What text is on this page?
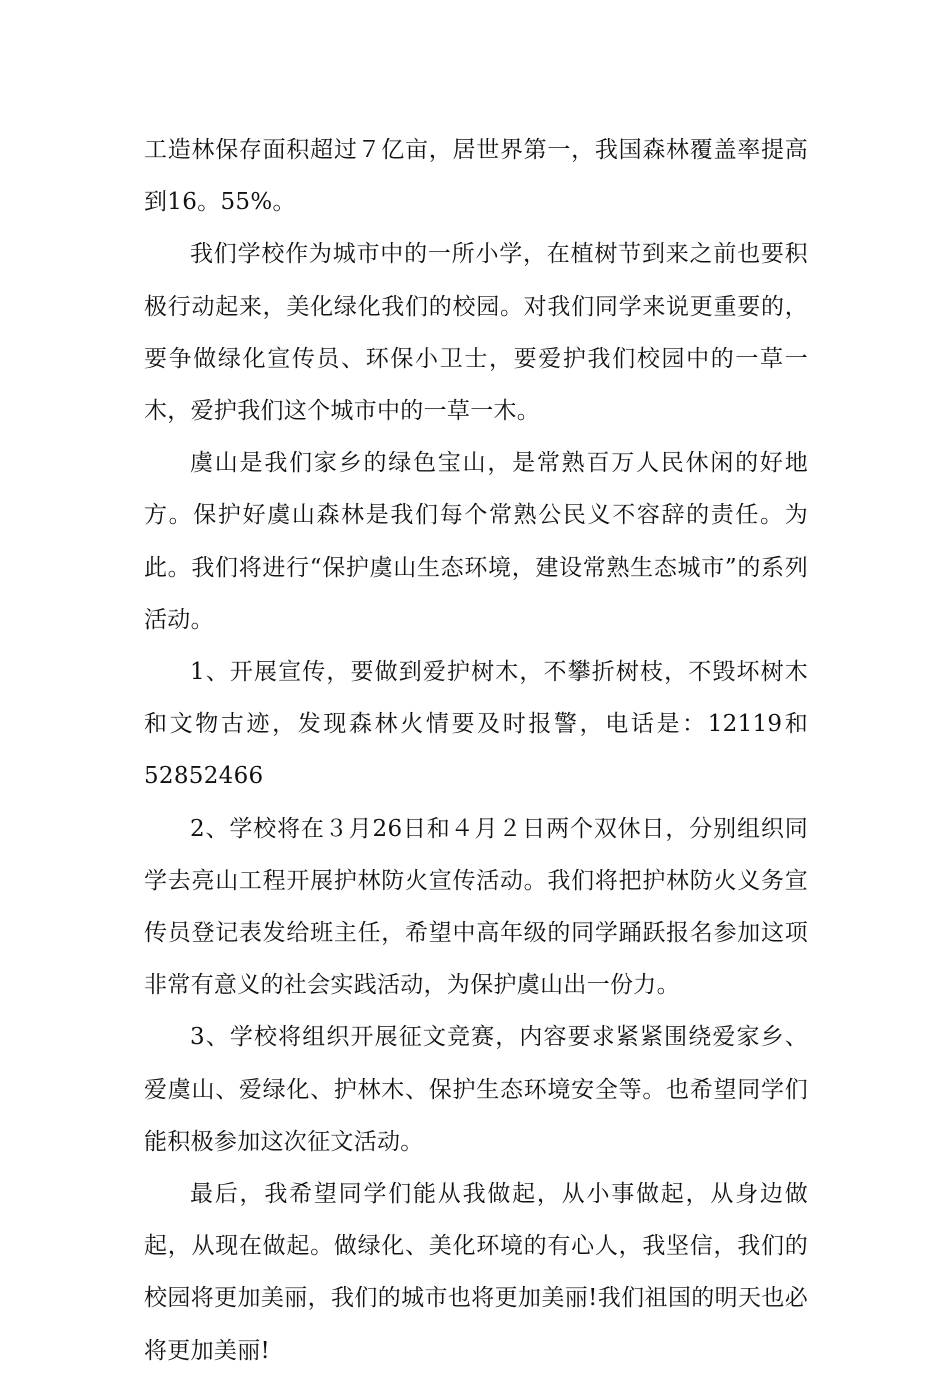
工造林保存面积超过７亿亩，居世界第一，我国森林覆盖率提高到16。55%。

我们学校作为城市中的一所小学，在植树节到来之前也要积极行动起来，美化绿化我们的校园。对我们同学来说更重要的，要争做绿化宣传员、环保小卫士，要爱护我们校园中的一草一木，爱护我们这个城市中的一草一木。

虞山是我们家乡的绿色宝山，是常熟百万人民休闲的好地方。保护好虞山森林是我们每个常熟公民义不容辞的责任。为此。我们将进行“保护虞山生态环境，建设常熟生态城市”的系列活动。

1、开展宣传，要做到爱护树木，不攀折树枝，不毁坏树木和文物古迹，发现森林火情要及时报警，电话是：12119和52852466

2、学校将在３月26日和４月２日两个双休日，分别组织同学去亮山工程开展护林防火宣传活动。我们将把护林防火义务宣传员登记表发给班主任，希望中高年级的同学踊跃报名参加这项非常有意义的社会实践活动，为保护虞山出一份力。

3、学校将组织开展征文竞赛，内容要求紧紧围绕爱家乡、爱虞山、爱绿化、护林木、保护生态环境安全等。也希望同学们能积极参加这次征文活动。

最后，我希望同学们能从我做起，从小事做起，从身边做起，从现在做起。做绿化、美化环境的有心人，我坚信，我们的校园将更加美丽，我们的城市也将更加美丽!我们祖国的明天也必将更加美丽!
